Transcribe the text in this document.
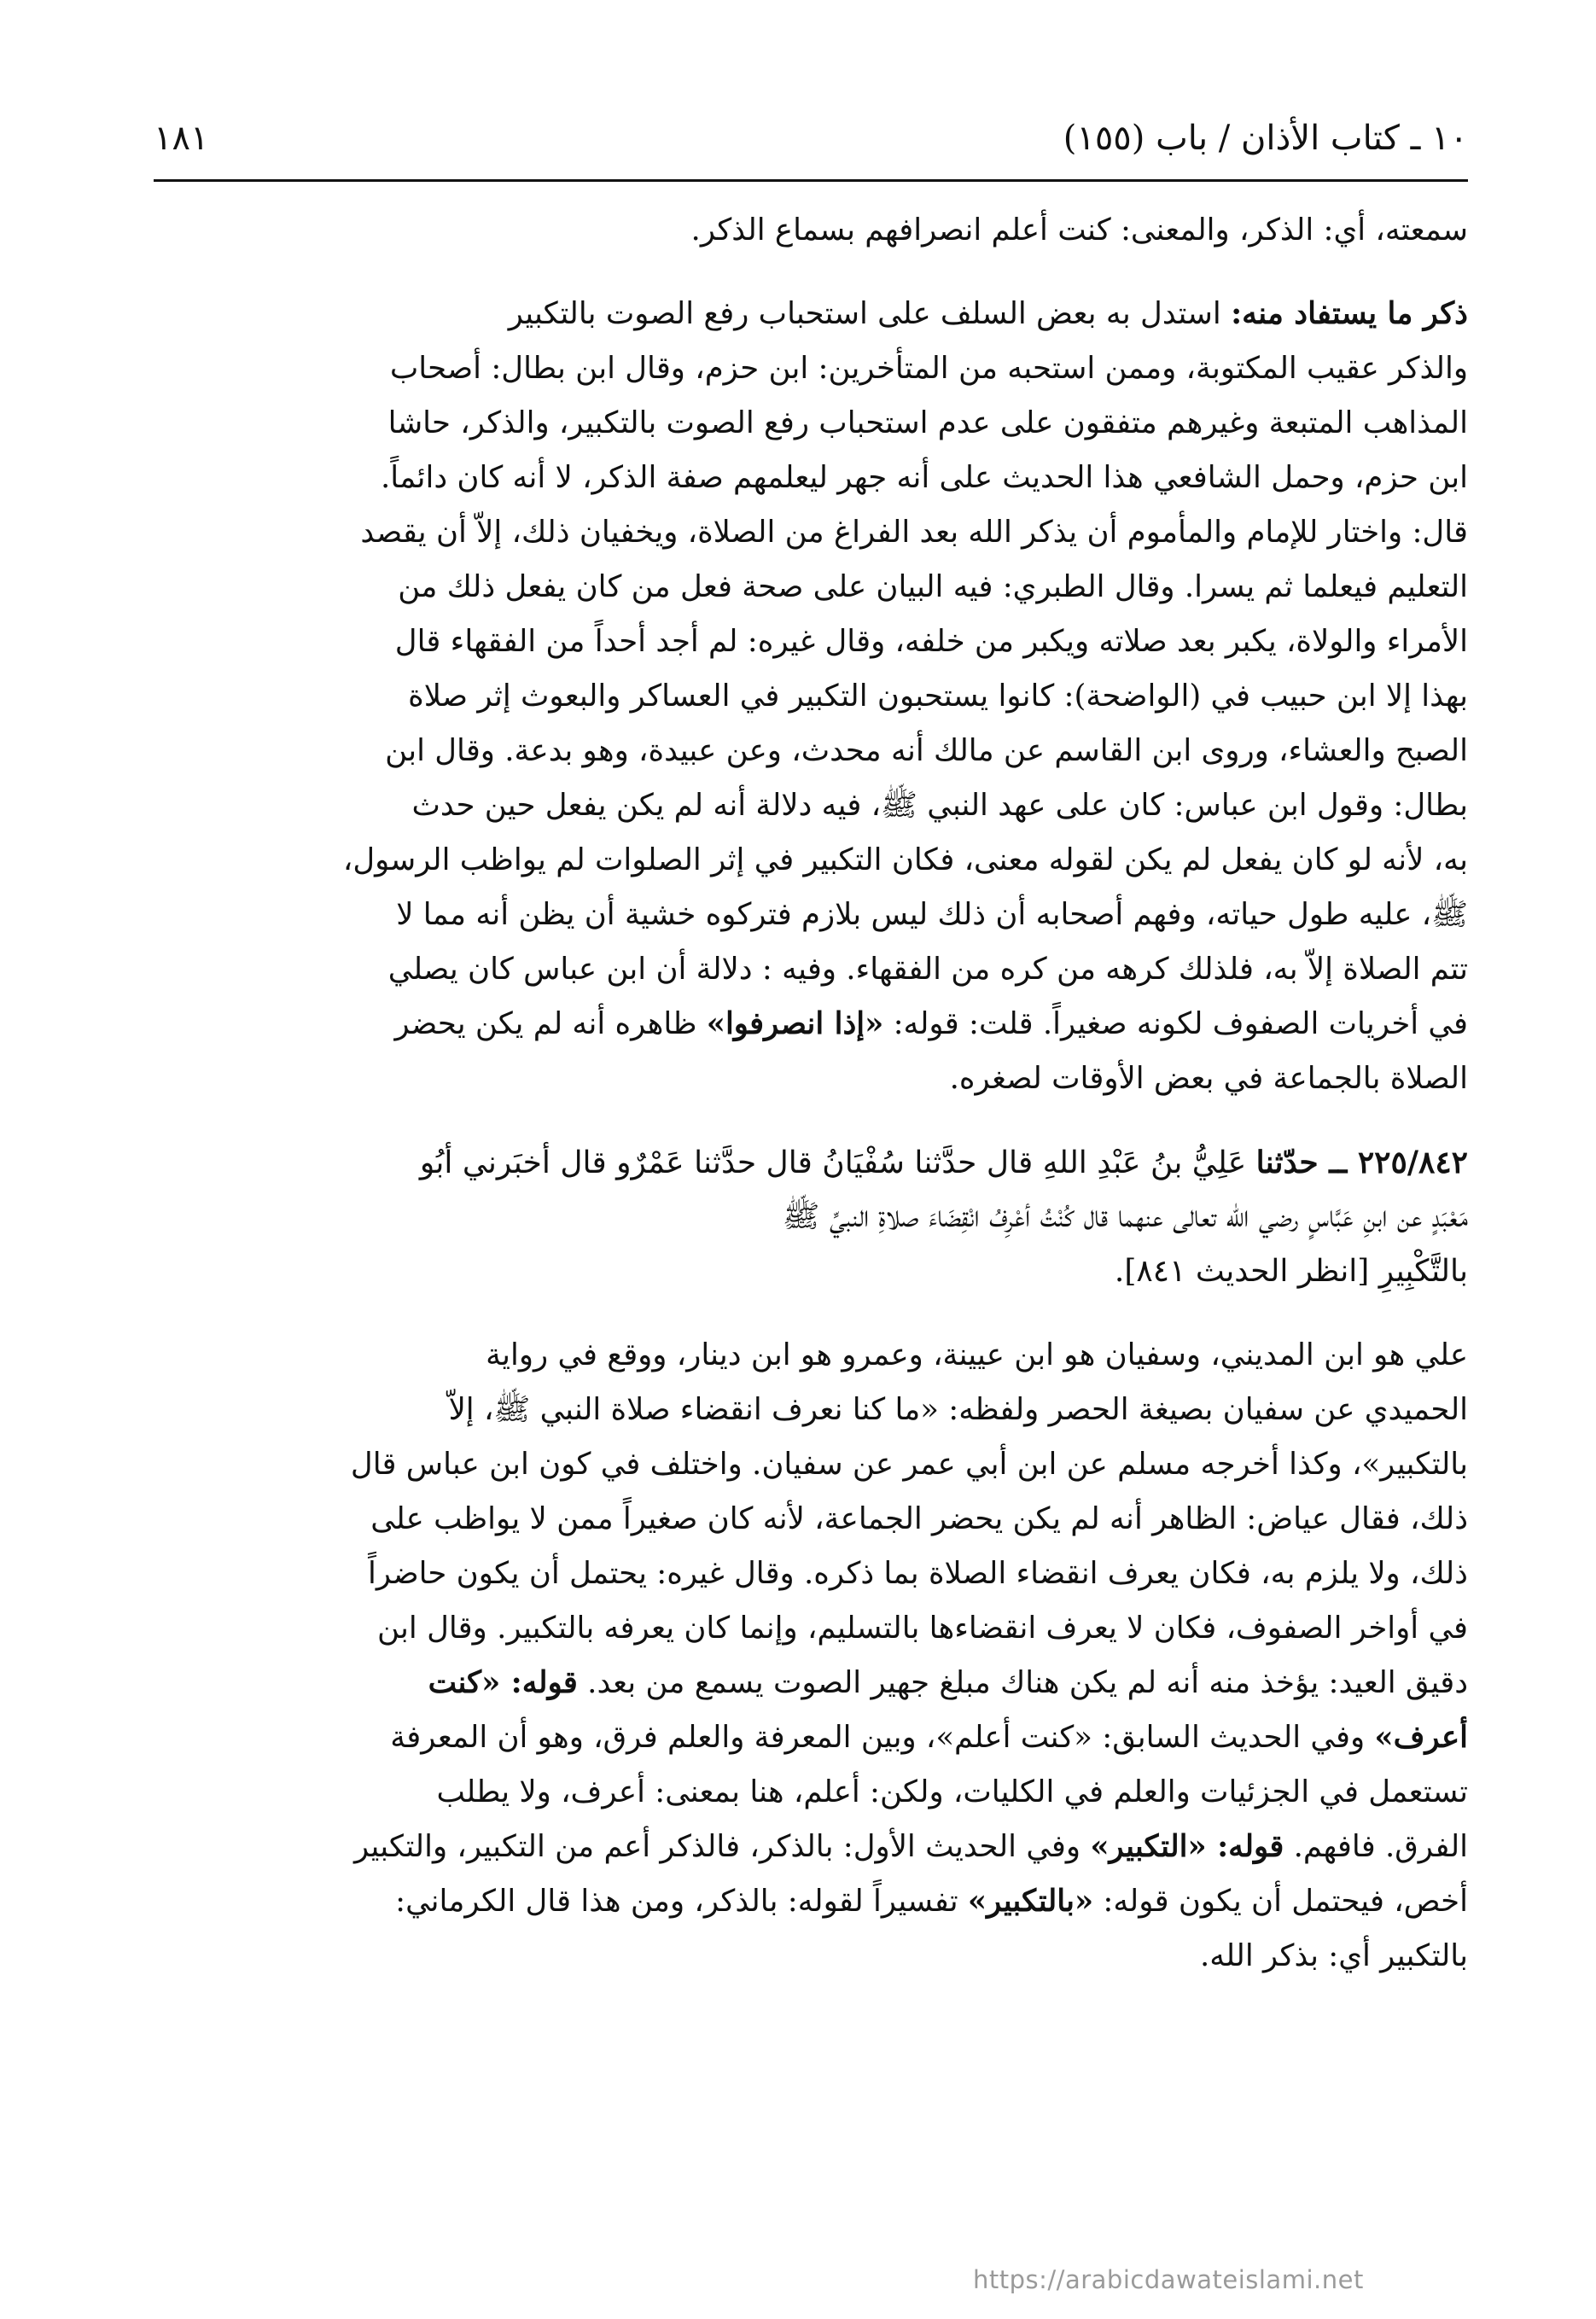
١٠ ـ كتاب الأذان / باب (١٥٥)
١٨١
سمعته، أي: الذكر، والمعنى: كنت أعلم انصرافهم بسماع الذكر.
ذكر ما يستفاد منه: استدل به بعض السلف على استحباب رفع الصوت بالتكبير
والذكر عقيب المكتوبة، وممن استحبه من المتأخرين: ابن حزم، وقال ابن بطال: أصحاب
المذاهب المتبعة وغيرهم متفقون على عدم استحباب رفع الصوت بالتكبير، والذكر، حاشا
ابن حزم، وحمل الشافعي هذا الحديث على أنه جهر ليعلمهم صفة الذكر، لا أنه كان دائماً.
قال: واختار للإمام والمأموم أن يذكر الله بعد الفراغ من الصلاة، ويخفيان ذلك، إلاّ أن يقصد
التعليم فيعلما ثم يسرا. وقال الطبري: فيه البيان على صحة فعل من كان يفعل ذلك من
الأمراء والولاة، يكبر بعد صلاته ويكبر من خلفه، وقال غيره: لم أجد أحداً من الفقهاء قال
بهذا إلا ابن حبيب في (الواضحة): كانوا يستحبون التكبير في العساكر والبعوث إثر صلاة
الصبح والعشاء، وروى ابن القاسم عن مالك أنه محدث، وعن عبيدة، وهو بدعة. وقال ابن
بطال: وقول ابن عباس: كان على عهد النبي ﷺ، فيه دلالة أنه لم يكن يفعل حين حدث
به، لأنه لو كان يفعل لم يكن لقوله معنى، فكان التكبير في إثر الصلوات لم يواظب الرسول،
ﷺ، عليه طول حياته، وفهم أصحابه أن ذلك ليس بلازم فتركوه خشية أن يظن أنه مما لا
تتم الصلاة إلاّ به، فلذلك كرهه من كره من الفقهاء. وفيه : دلالة أن ابن عباس كان يصلي
في أخريات الصفوف لكونه صغيراً. قلت: قوله: «إذا انصرفوا» ظاهره أنه لم يكن يحضر
الصلاة بالجماعة في بعض الأوقات لصغره.
٢٢٥/٨٤٢ ــ حدّثنا عَلِيُّ بنُ عَبْدِ اللهِ قال حدَّثنا سُفْيَانُ قال حدَّثنا عَمْرٌو قال أخبَرني أبُو
مَعْبَدٍ عن ابنِ عَبَّاسٍ رضي الله تعالى عنهما قال كُنْتُ أعْرِفُ انْقِضَاءَ صلاةِ النبيِّ ﷺ
بالتَّكْبِيرِ [انظر الحديث ٨٤١].
علي هو ابن المديني، وسفيان هو ابن عيينة، وعمرو هو ابن دينار، ووقع في رواية
الحميدي عن سفيان بصيغة الحصر ولفظه: «ما كنا نعرف انقضاء صلاة النبي ﷺ، إلاّ
بالتكبير»، وكذا أخرجه مسلم عن ابن أبي عمر عن سفيان. واختلف في كون ابن عباس قال
ذلك، فقال عياض: الظاهر أنه لم يكن يحضر الجماعة، لأنه كان صغيراً ممن لا يواظب على
ذلك، ولا يلزم به، فكان يعرف انقضاء الصلاة بما ذكره. وقال غيره: يحتمل أن يكون حاضراً
في أواخر الصفوف، فكان لا يعرف انقضاءها بالتسليم، وإنما كان يعرفه بالتكبير. وقال ابن
دقيق العيد: يؤخذ منه أنه لم يكن هناك مبلغ جهير الصوت يسمع من بعد. قوله: «كنت
أعرف» وفي الحديث السابق: «كنت أعلم»، وبين المعرفة والعلم فرق، وهو أن المعرفة
تستعمل في الجزئيات والعلم في الكليات، ولكن: أعلم، هنا بمعنى: أعرف، ولا يطلب
الفرق. فافهم. قوله: «التكبير» وفي الحديث الأول: بالذكر، فالذكر أعم من التكبير، والتكبير
أخص، فيحتمل أن يكون قوله: «بالتكبير» تفسيراً لقوله: بالذكر، ومن هذا قال الكرماني:
بالتكبير أي: بذكر الله.
https://arabicdawateislami.net
